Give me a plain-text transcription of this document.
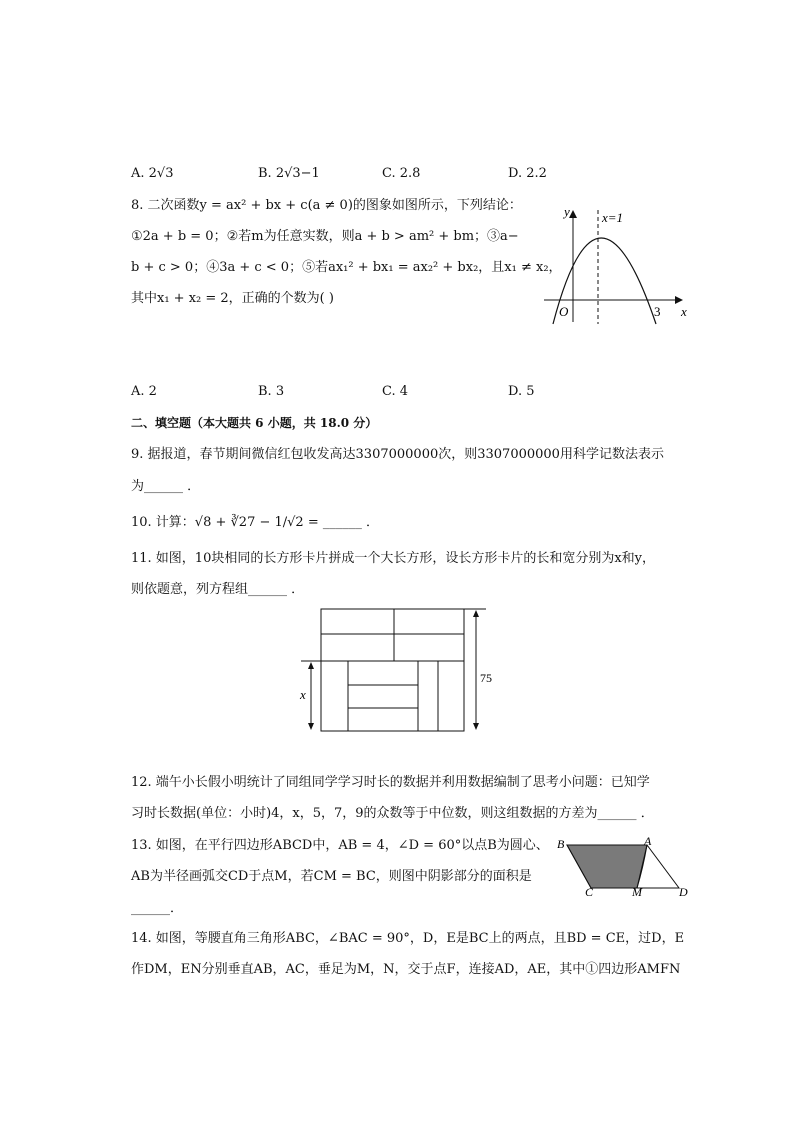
A. 2√3	B. 2√3−1	C. 2.8	D. 2.2
8. 二次函数y = ax² + bx + c(a ≠ 0)的图象如图所示，下列结论：
①2a + b = 0；②若m为任意实数，则a + b > am² + bm；③a−
b + c > 0；④3a + c < 0；⑤若ax₁² + bx₁ = ax₂² + bx₂，且x₁ ≠ x₂，
其中x₁ + x₂ = 2，正确的个数为( )
y x=1
O	3 x
A. 2	B. 3	C. 4	D. 5
二、填空题（本大题共 6 小题，共 18.0 分）
9. 据报道，春节期间微信红包收发高达3307000000次，则3307000000用科学记数法表示
为______ ．
10. 计算：√8 + ∛27 − 1/√2 = ______ ．
11. 如图，10块相同的长方形卡片拼成一个大长方形，设长方形卡片的长和宽分别为x和y，
则依题意，列方程组______ ．
x
75
12. 端午小长假小明统计了同组同学学习时长的数据并利用数据编制了思考小问题：已知学
习时长数据(单位：小时)4，x，5，7，9的众数等于中位数，则这组数据的方差为______ ．
13. 如图，在平行四边形ABCD中，AB = 4，∠D = 60°以点B为圆心、
AB为半径画弧交CD于点M，若CM = BC，则图中阴影部分的面积是
______．
B	A
C	M	D
14. 如图，等腰直角三角形ABC，∠BAC = 90°，D，E是BC上的两点，且BD = CE，过D，E
作DM，EN分别垂直AB，AC，垂足为M，N，交于点F，连接AD，AE，其中①四边形AMFN
